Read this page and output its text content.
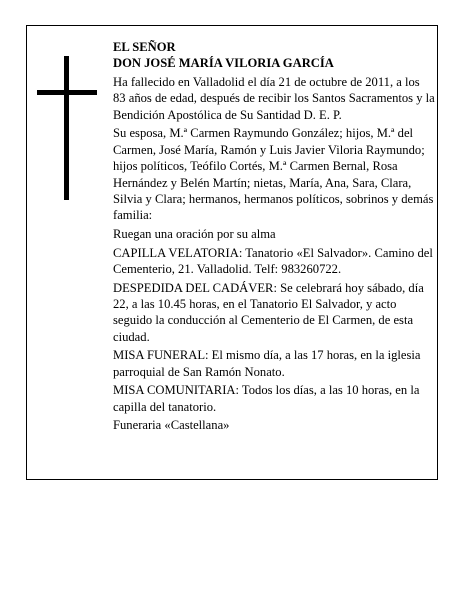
EL SEÑOR

DON JOSÉ MARÍA VILORIA GARCÍA

Ha fallecido en Valladolid el día 21 de octubre de 2011, a los 83 años de edad, después de recibir los Santos Sacramentos y la Bendición Apostólica de Su Santidad D. E. P.

Su esposa, M.ª Carmen Raymundo González; hijos, M.ª del Carmen, José María, Ramón y Luis Javier Viloria Raymundo; hijos políticos, Teófilo Cortés, M.ª Carmen Bernal, Rosa Hernández y Belén Martín; nietas, María, Ana, Sara, Clara, Silvia y Clara; hermanos, hermanos políticos, sobrinos y demás familia:

Ruegan una oración por su alma

CAPILLA VELATORIA: Tanatorio «El Salvador». Camino del Cementerio, 21. Valladolid. Telf: 983260722.

DESPEDIDA DEL CADÁVER: Se celebrará hoy sábado, día 22, a las 10.45 horas, en el Tanatorio El Salvador, y acto seguido la conducción al Cementerio de El Carmen, de esta ciudad.

MISA FUNERAL: El mismo día, a las 17 horas, en la iglesia parroquial de San Ramón Nonato.

MISA COMUNITARIA: Todos los días, a las 10 horas, en la capilla del tanatorio.

Funeraria «Castellana»
